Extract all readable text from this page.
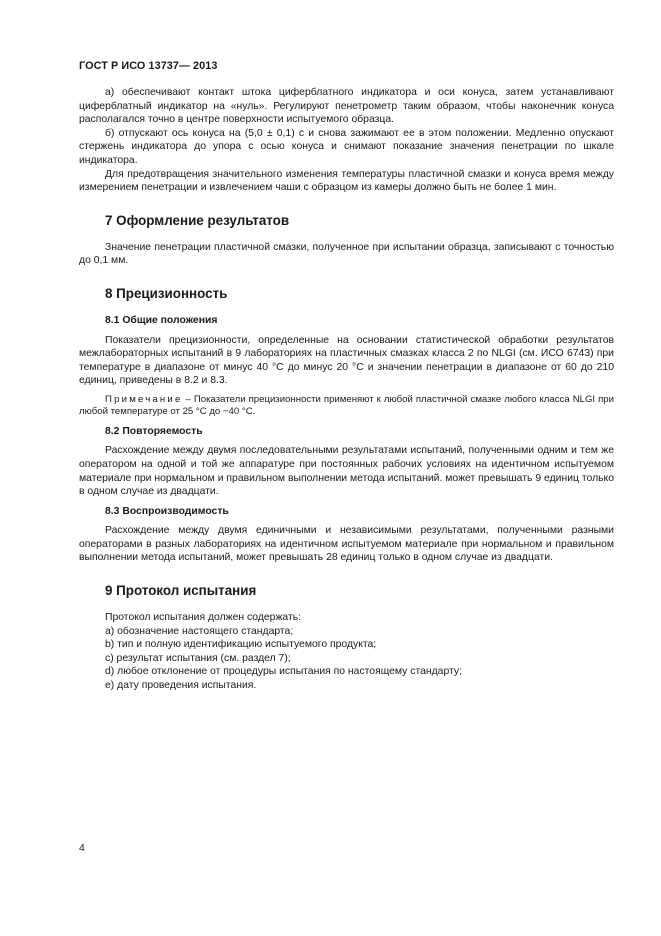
ГОСТ Р ИСО 13737— 2013

а) обеспечивают контакт штока циферблатного индикатора и оси конуса, затем устанавливают циферблатный индикатор на «нуль». Регулируют пенетрометр таким образом, чтобы наконечник конуса располагался точно в центре поверхности испытуемого образца.

б) отпускают ось конуса на (5,0 ± 0,1) с и снова зажимают ее в этом положении. Медленно опускают стержень индикатора до упора с осью конуса и снимают показание значения пенетрации по шкале индикатора.

Для предотвращения значительного изменения температуры пластичной смазки и конуса время между измерением пенетрации и извлечением чаши с образцом из камеры должно быть не более 1 мин.

7 Оформление результатов

Значение пенетрации пластичной смазки, полученное при испытании образца, записывают с точностью до 0,1 мм.

8 Прецизионность
8.1 Общие положения

Показатели прецизионности, определенные на основании статистической обработки результатов межлабораторных испытаний в 9 лабораториях на пластичных смазках класса 2 по NLGI (см. ИСО 6743) при температуре в диапазоне от минус 40 °С до минус 20 °С и значении пенетрации в диапазоне от 60 до 210 единиц, приведены в 8.2 и 8.3.

Примечание – Показатели прецизионности применяют к любой пластичной смазке любого класса NLGI при любой температуре от 25 °С до −40 °С.

8.2 Повторяемость

Расхождение между двумя последовательными результатами испытаний, полученными одним и тем же оператором на одной и той же аппаратуре при постоянных рабочих условиях на идентичном испытуемом материале при нормальном и правильном выполнении метода испытаний. может превышать 9 единиц только в одном случае из двадцати.

8.3 Воспроизводимость

Расхождение между двумя единичными и независимыми результатами, полученными разными операторами в разных лабораториях на идентичном испытуемом материале при нормальном и правильном выполнении метода испытаний, может превышать 28 единиц только в одном случае из двадцати.

9 Протокол испытания

Протокол испытания должен содержать:

а) обозначение настоящего стандарта;

b) тип и полную идентификацию испытуемого продукта;

с) результат испытания (см. раздел 7);

d) любое отклонение от процедуры испытания по настоящему стандарту;

е) дату проведения испытания.

4
